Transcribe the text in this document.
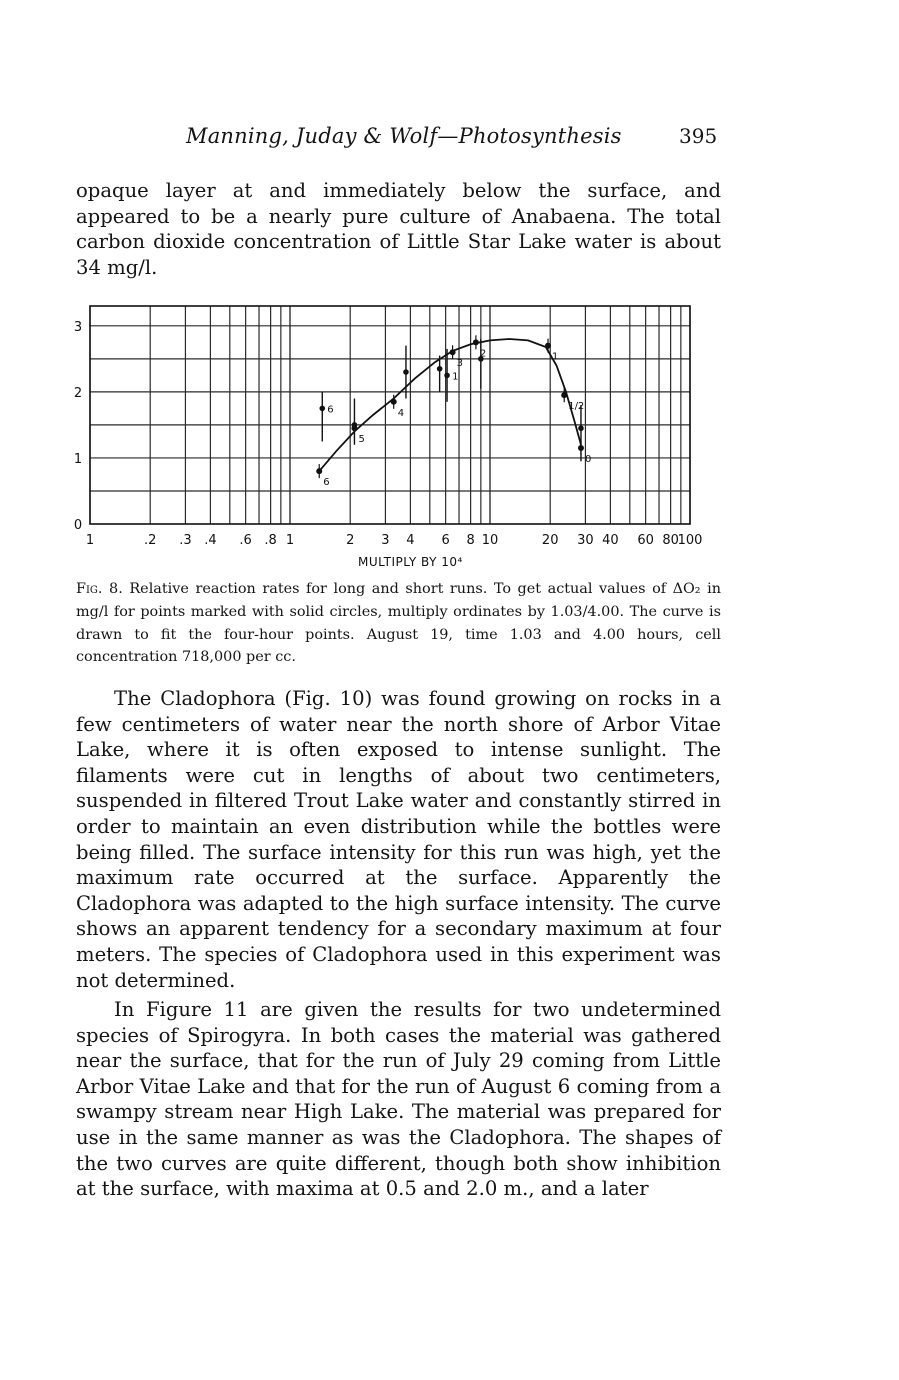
Manning, Juday & Wolf—Photosynthesis	395

opaque layer at and immediately below the surface, and appeared to be a nearly pure culture of Anabaena. The total carbon dioxide concentration of Little Star Lake water is about 34 mg/l.

6
1
6
5
4
3
2	1
1/2
0
0
1
2
3
1	.2 .3 .4 .6 .8 1	2 3 4 6 8 10	20 30 40 60 80
100
MULTIPLY BY 10⁴

Fig. 8. Relative reaction rates for long and short runs. To get actual values of ΔO₂ in mg/l for points marked with solid circles, multiply ordinates by 1.03/4.00. The curve is drawn to fit the four-hour points. August 19, time 1.03 and 4.00 hours, cell concentration 718,000 per cc.

The Cladophora (Fig. 10) was found growing on rocks in a few centimeters of water near the north shore of Arbor Vitae Lake, where it is often exposed to intense sunlight. The filaments were cut in lengths of about two centimeters, suspended in filtered Trout Lake water and constantly stirred in order to maintain an even distribution while the bottles were being filled. The surface intensity for this run was high, yet the maximum rate occurred at the surface. Apparently the Cladophora was adapted to the high surface intensity. The curve shows an apparent tendency for a secondary maximum at four meters. The species of Cladophora used in this experiment was not determined.

In Figure 11 are given the results for two undetermined species of Spirogyra. In both cases the material was gathered near the surface, that for the run of July 29 coming from Little Arbor Vitae Lake and that for the run of August 6 coming from a swampy stream near High Lake. The material was prepared for use in the same manner as was the Cladophora. The shapes of the two curves are quite different, though both show inhibition at the surface, with maxima at 0.5 and 2.0 m., and a later
